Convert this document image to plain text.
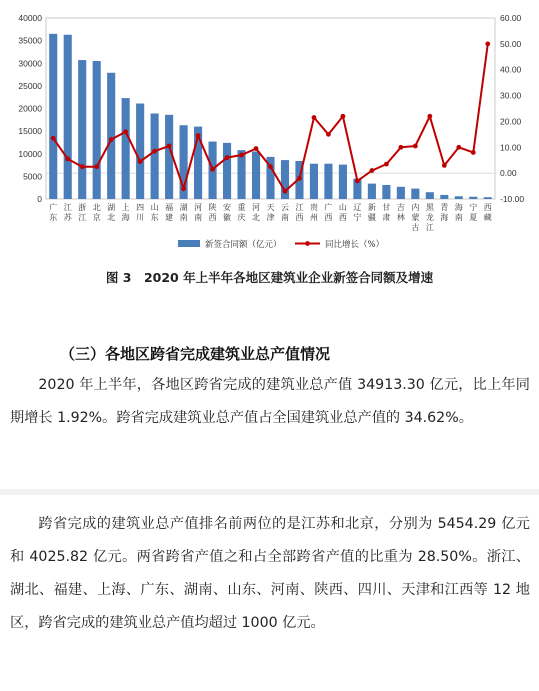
0
5000
10000
15000
20000
25000
30000
35000
40000
-10.00
0.00
10.00
20.00
30.00
40.00
50.00
60.00
广东
江苏
浙江
北京
湖北
上海
四川
山东
福建
湖南
河南
陕西
安徽
重庆
河北
天津
云南
江西
贵州
广西
山西
辽宁
新疆
甘肃
吉林
内蒙古
黑龙江
青海
海南
宁夏
西藏
新签合同额（亿元）	同比增长（%）
图 3　2020 年上半年各地区建筑业企业新签合同额及增速
（三）各地区跨省完成建筑业总产值情况
2020 年上半年，各地区跨省完成的建筑业总产值 34913.30 亿元，比上年同期增长 1.92%。跨省完成建筑业总产值占全国建筑业总产值的 34.62%。
跨省完成的建筑业总产值排名前两位的是江苏和北京，分别为 5454.29 亿元和 4025.82 亿元。两省跨省产值之和占全部跨省产值的比重为 28.50%。浙江、湖北、福建、上海、广东、湖南、山东、河南、陕西、四川、天津和江西等 12 地区，跨省完成的建筑业总产值均超过 1000 亿元。
